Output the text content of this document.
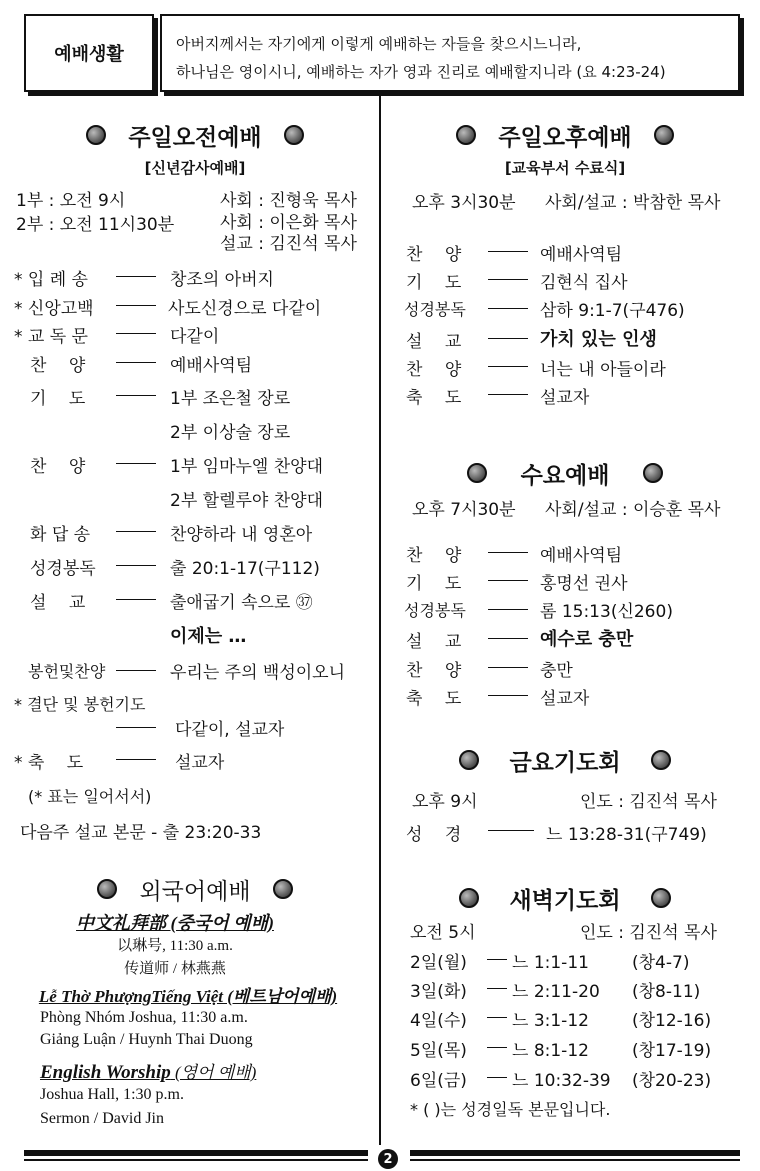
예배생활	아버지께서는 자기에게 이렇게 예배하는 자들을 찾으시느니라,
하나님은 영이시니, 예배하는 자가 영과 진리로 예배할지니라 (요 4:23-24)
주일오전예배
[신년감사예배]
1부 : 오전 9시
2부 : 오전 11시30분
사회 : 진형욱 목사
사회 : 이은화 목사
설교 : 김진석 목사
* 입 례 송	창조의 아버지
* 신앙고백	사도신경으로 다같이
* 교 독 문	다같이
찬　 양	예배사역팀
기　 도	1부 조은철 장로
2부 이상술 장로
찬　 양	1부 임마누엘 찬양대
2부 할렐루야 찬양대
화 답 송	찬양하라 내 영혼아
성경봉독	출 20:1-17(구112)
설　 교	출애굽기 속으로 ㊲
이제는 …
봉헌및찬양	우리는 주의 백성이오니
* 결단 및 봉헌기도
다같이, 설교자
* 축　 도	설교자
(* 표는 일어서서)
다음주 설교 본문 - 출 23:20-33
외국어예배
中文礼拜部 (중국어 예배)
以琳号, 11:30 a.m.
传道师 / 林燕燕
Lễ Thờ PhượngTiếng Việt (베트남어예배)
Phòng Nhóm Joshua, 11:30 a.m.
Giảng Luận / Huynh Thai Duong
English Worship (영어 예배)
Joshua Hall, 1:30 p.m.
Sermon / David Jin
주일오후예배
[교육부서 수료식]
오후 3시30분 사회/설교 : 박참한 목사
찬　 양	예배사역팀
기　 도	김현식 집사
성경봉독	삼하 9:1-7(구476)
설　 교	가치 있는 인생
찬　 양	너는 내 아들이라
축　 도	설교자
수요예배
오후 7시30분 사회/설교 : 이승훈 목사
찬　 양	예배사역팀
기　 도	홍명선 권사
성경봉독	롬 15:13(신260)
설　 교	예수로 충만
찬　 양	충만
축　 도	설교자
금요기도회
오후 9시	인도 : 김진석 목사
성　 경	느 13:28-31(구749)
새벽기도회
오전 5시	인도 : 김진석 목사
2일(월)	느 1:1-11	(창4-7)
3일(화)	느 2:11-20 (창8-11)
4일(수)	느 3:1-12	(창12-16)
5일(목)	느 8:1-12	(창17-19)
6일(금)	느 10:32-39 (창20-23)
* ( )는 성경일독 본문입니다.
2
